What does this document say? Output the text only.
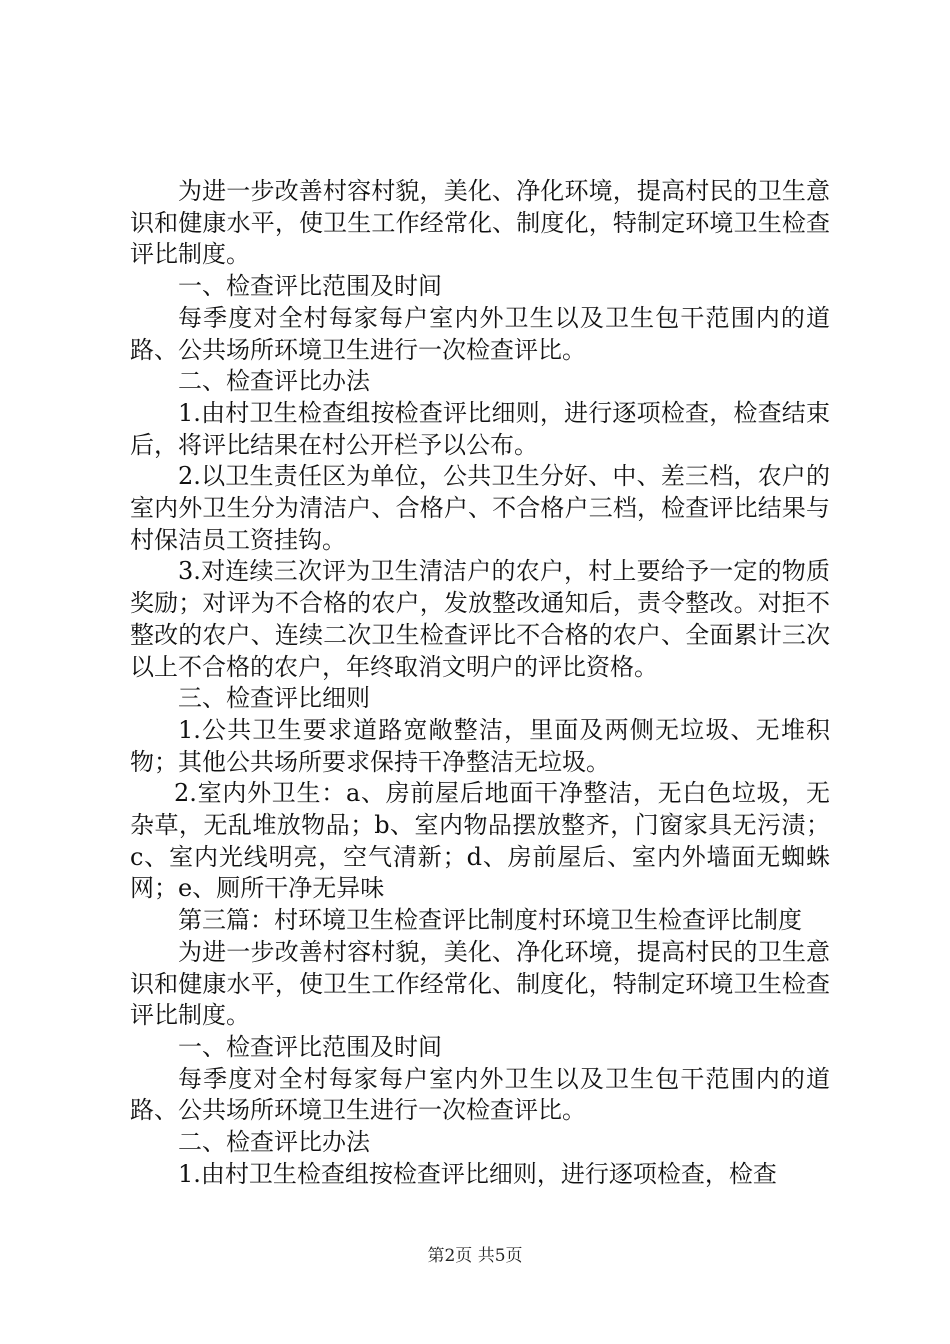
为进一步改善村容村貌，美化、净化环境，提高村民的卫生意识和健康水平，使卫生工作经常化、制度化，特制定环境卫生检查评比制度。

一、检查评比范围及时间

每季度对全村每家每户室内外卫生以及卫生包干范围内的道路、公共场所环境卫生进行一次检查评比。

二、检查评比办法

1.由村卫生检查组按检查评比细则，进行逐项检查，检查结束后，将评比结果在村公开栏予以公布。

2.以卫生责任区为单位，公共卫生分好、中、差三档，农户的室内外卫生分为清洁户、合格户、不合格户三档，检查评比结果与村保洁员工资挂钩。

3.对连续三次评为卫生清洁户的农户，村上要给予一定的物质奖励；对评为不合格的农户，发放整改通知后，责令整改。对拒不整改的农户、连续二次卫生检查评比不合格的农户、全面累计三次以上不合格的农户，年终取消文明户的评比资格。

三、检查评比细则

1.公共卫生要求道路宽敞整洁，里面及两侧无垃圾、无堆积物；其他公共场所要求保持干净整洁无垃圾。

2.室内外卫生：a、房前屋后地面干净整洁，无白色垃圾，无杂草，无乱堆放物品；b、室内物品摆放整齐，门窗家具无污渍；c、室内光线明亮，空气清新；d、房前屋后、室内外墙面无蜘蛛网；e、厕所干净无异味

第三篇：村环境卫生检查评比制度村环境卫生检查评比制度

为进一步改善村容村貌，美化、净化环境，提高村民的卫生意识和健康水平，使卫生工作经常化、制度化，特制定环境卫生检查评比制度。

一、检查评比范围及时间

每季度对全村每家每户室内外卫生以及卫生包干范围内的道路、公共场所环境卫生进行一次检查评比。

二、检查评比办法

1.由村卫生检查组按检查评比细则，进行逐项检查，检查

第2页 共5页
